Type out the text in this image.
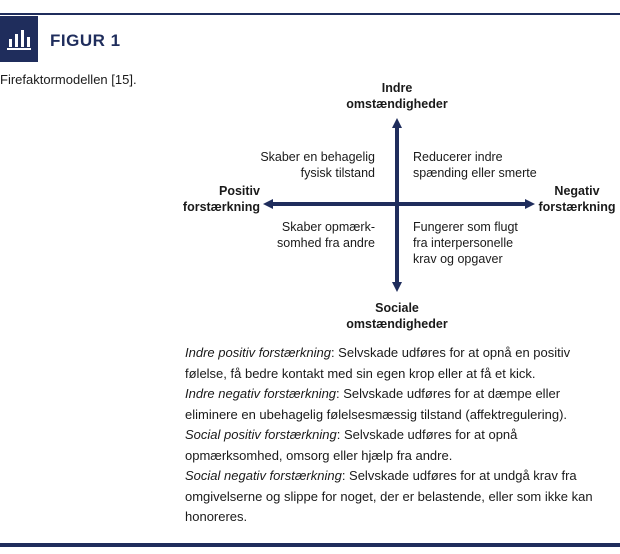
FIGUR 1
Firefaktormodellen [15].
Indre
omstændigheder
Sociale
omstændigheder
Positiv
forstærkning
Negativ
forstærkning
Skaber en behagelig
fysisk tilstand
Reducerer indre
spænding eller smerte
Skaber opmærk-
somhed fra andre
Fungerer som flugt
fra interpersonelle
krav og opgaver

Indre positiv forstærkning: Selvskade udføres for at opnå en positiv følelse, få bedre kontakt med sin egen krop eller at få et kick.

Indre negativ forstærkning: Selvskade udføres for at dæmpe eller eliminere en ubehagelig følelsesmæssig tilstand (affektregulering).

Social positiv forstærkning: Selvskade udføres for at opnå opmærksomhed, omsorg eller hjælp fra andre.

Social negativ forstærkning: Selvskade udføres for at undgå krav fra omgivelserne og slippe for noget, der er belastende, eller som ikke kan honoreres.
